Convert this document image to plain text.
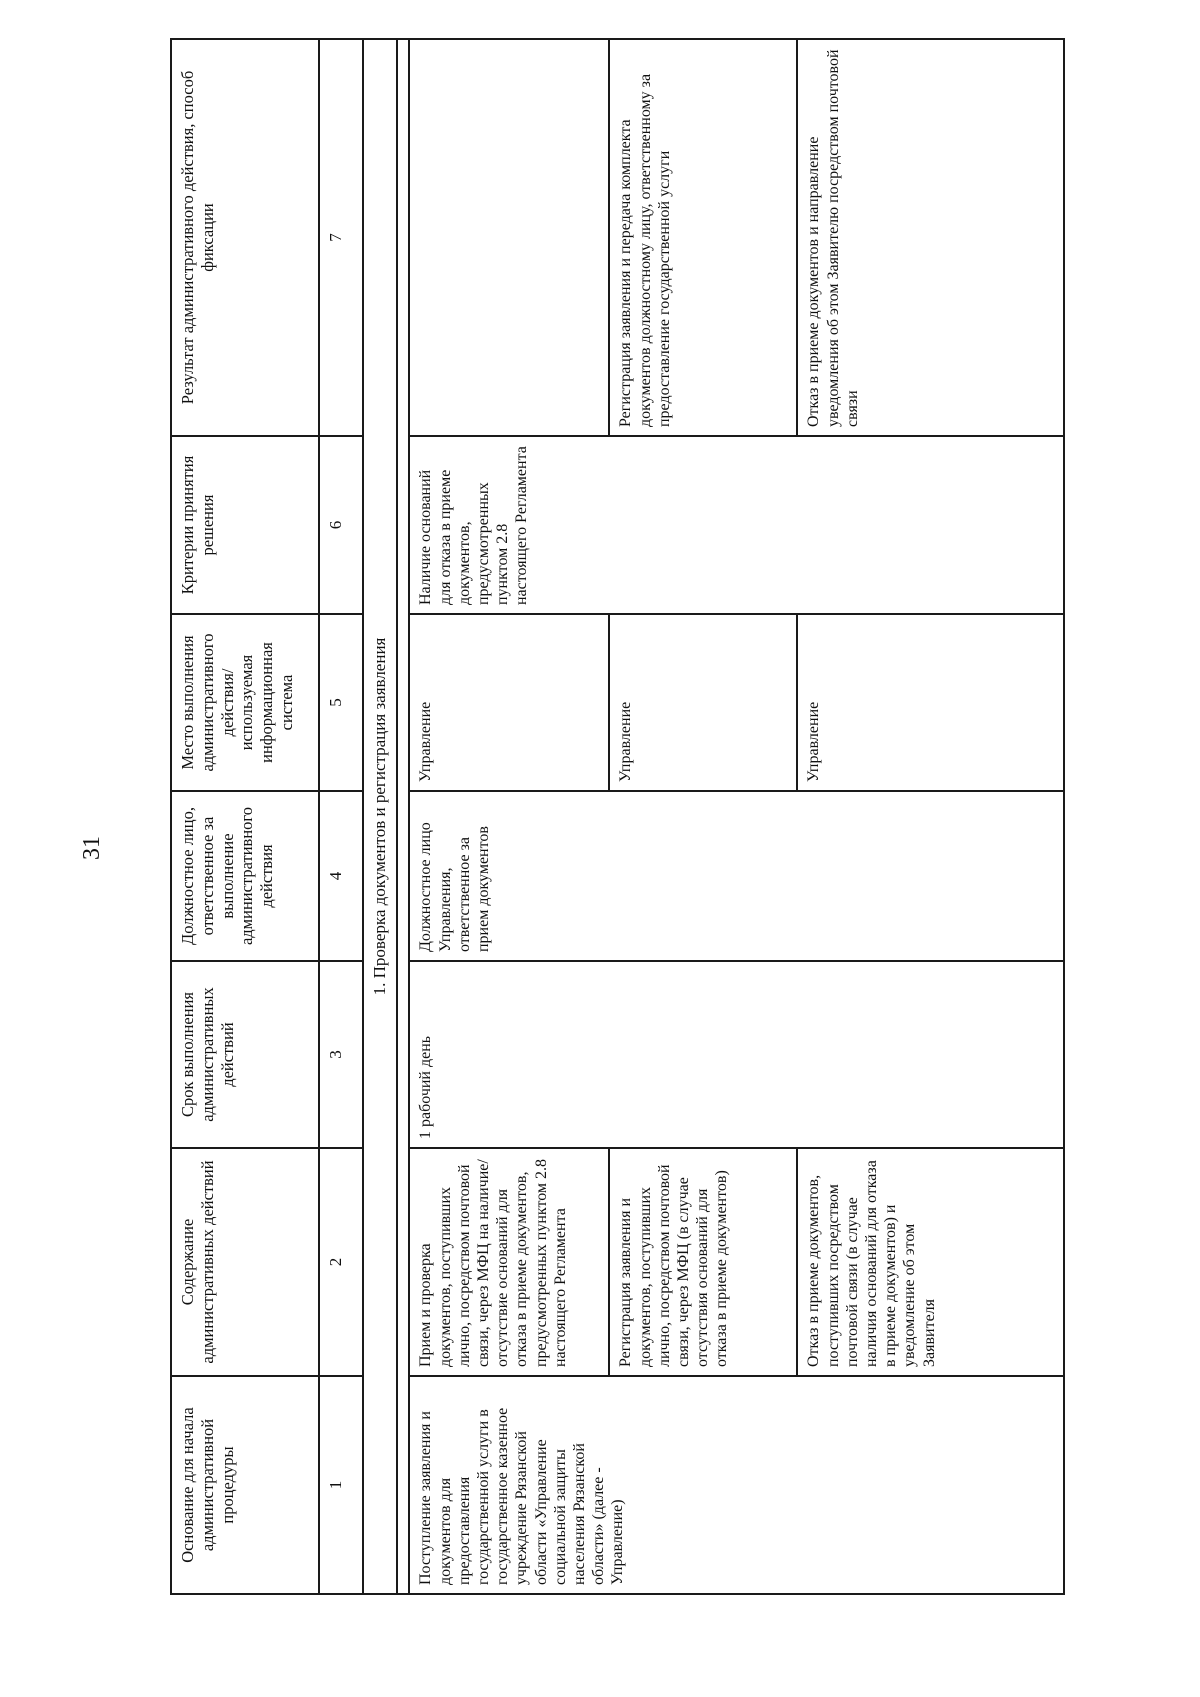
31
Основание для начала административной процедуры	Содержание административных действий	Срок выполнения административных действий	Должностное лицо, ответственное за выполнение административного действия	Место выполнения административного действия/ используемая информационная система	Критерии принятия решения	Результат административного действия, способ фиксации
1	2	3	4	5	6	7
1. Проверка документов и регистрация заявления						

Поступление заявления и документов для предоставления государственной услуги в государственное казенное учреждение Рязанской области «Управление социальной защиты населения Рязанской области» (далее - Управление)	Прием и проверка документов, поступивших лично, посредством почтовой связи, через МФЦ на наличие/отсутствие оснований для отказа в приеме документов, предусмотренных пунктом 2.8 настоящего Регламента	1 рабочий день	Должностное лицо Управления, ответственное за прием документов	Управление	Наличие оснований для отказа в приеме документов, предусмотренных пунктом 2.8 настоящего Регламента	
	Регистрация заявления и документов, поступивших лично, посредством почтовой связи, через МФЦ (в случае отсутствия оснований для отказа в приеме документов)			Управление		Регистрация заявления и передача комплекта документов должностному лицу, ответственному за предоставление государственной услуги
	Отказ в приеме документов, поступивших посредством почтовой связи (в случае наличия оснований для отказа в приеме документов) и уведомление об этом Заявителя			Управление		Отказ в приеме документов и направление уведомления об этом Заявителю посредством почтовой связи
